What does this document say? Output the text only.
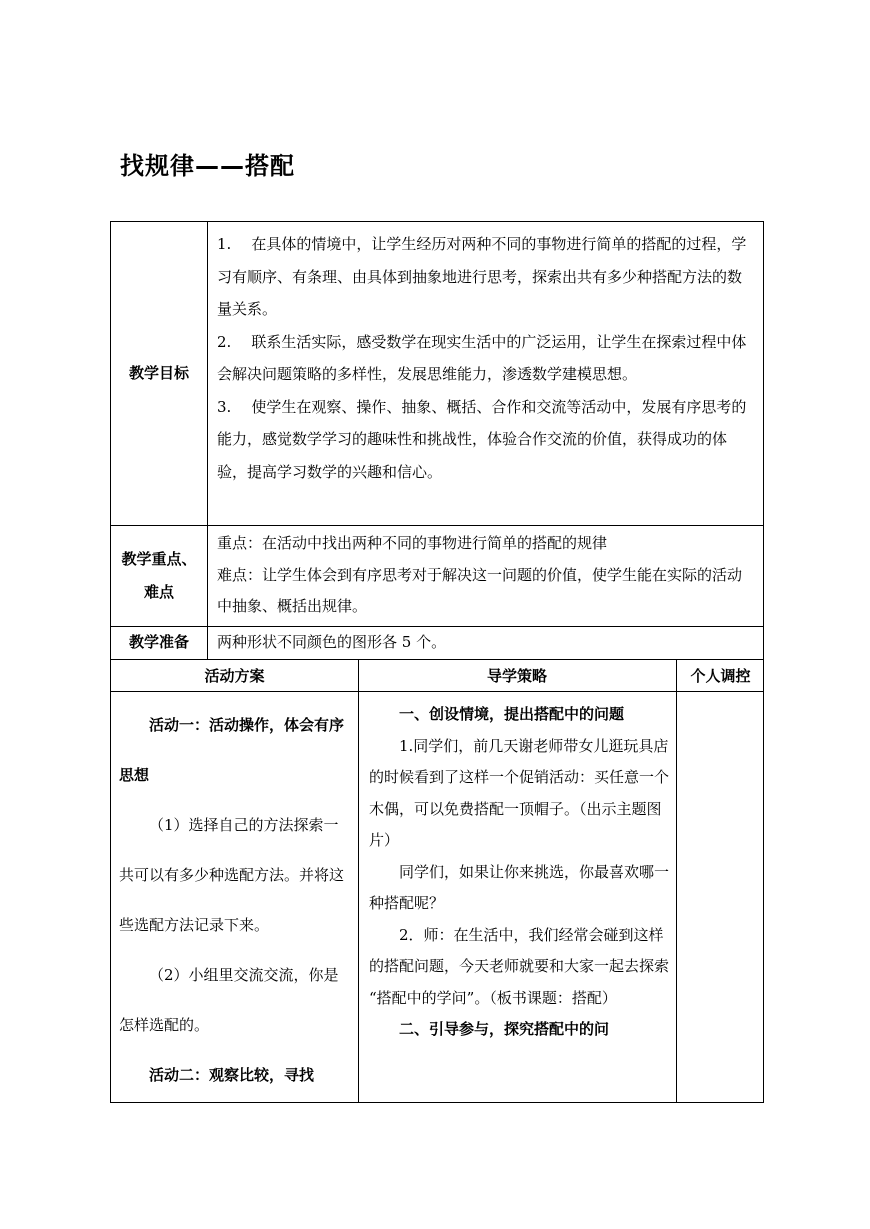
找规律——搭配
教学目标

1. 在具体的情境中，让学生经历对两种不同的事物进行简单的搭配的过程，学习有顺序、有条理、由具体到抽象地进行思考，探索出共有多少种搭配方法的数量关系。

2. 联系生活实际，感受数学在现实生活中的广泛运用，让学生在探索过程中体会解决问题策略的多样性，发展思维能力，渗透数学建模思想。

3. 使学生在观察、操作、抽象、概括、合作和交流等活动中，发展有序思考的能力，感觉数学学习的趣味性和挑战性，体验合作交流的价值，获得成功的体验，提高学习数学的兴趣和信心。

教学重点、难点

重点：在活动中找出两种不同的事物进行简单的搭配的规律

难点：让学生体会到有序思考对于解决这一问题的价值，使学生能在实际的活动中抽象、概括出规律。

教学准备 两种形状不同颜色的图形各 5 个。
活动方案	导学策略	个人调控

活动一：活动操作，体会有序思想

（1）选择自己的方法探索一共可以有多少种选配方法。并将这些选配方法记录下来。

（2）小组里交流交流，你是怎样选配的。

活动二：观察比较，寻找

一、创设情境，提出搭配中的问题

1.同学们，前几天谢老师带女儿逛玩具店的时候看到了这样一个促销活动：买任意一个木偶，可以免费搭配一顶帽子。（出示主题图片）

同学们，如果让你来挑选，你最喜欢哪一种搭配呢？

2．师：在生活中，我们经常会碰到这样的搭配问题，今天老师就要和大家一起去探索 “搭配中的学问”。（板书课题：搭配）

二、引导参与，探究搭配中的问
